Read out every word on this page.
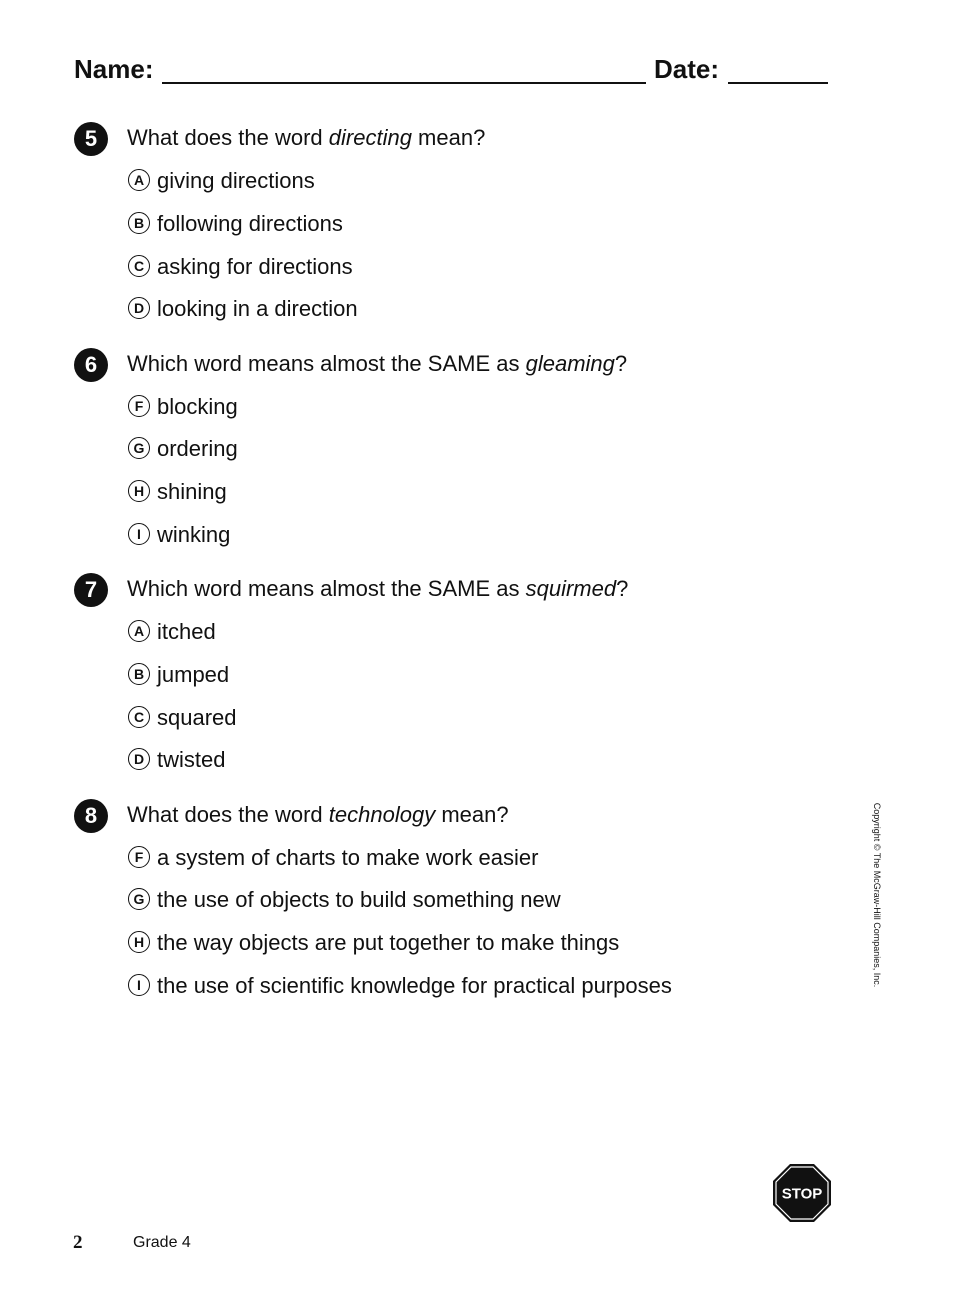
Name:	Date:
5	What does the word directing mean?
A giving directions
B following directions
C asking for directions
D looking in a direction
6	Which word means almost the SAME as gleaming?
F blocking
G ordering
H shining
I winking
7	Which word means almost the SAME as squirmed?
A itched
B jumped
C squared
D twisted
8	What does the word technology mean?
F a system of charts to make work easier
G the use of objects to build something new
H the way objects are put together to make things
I the use of scientific knowledge for practical purposes	Copyright © The McGraw-Hill Companies, Inc.
STOP
2	Grade 4
